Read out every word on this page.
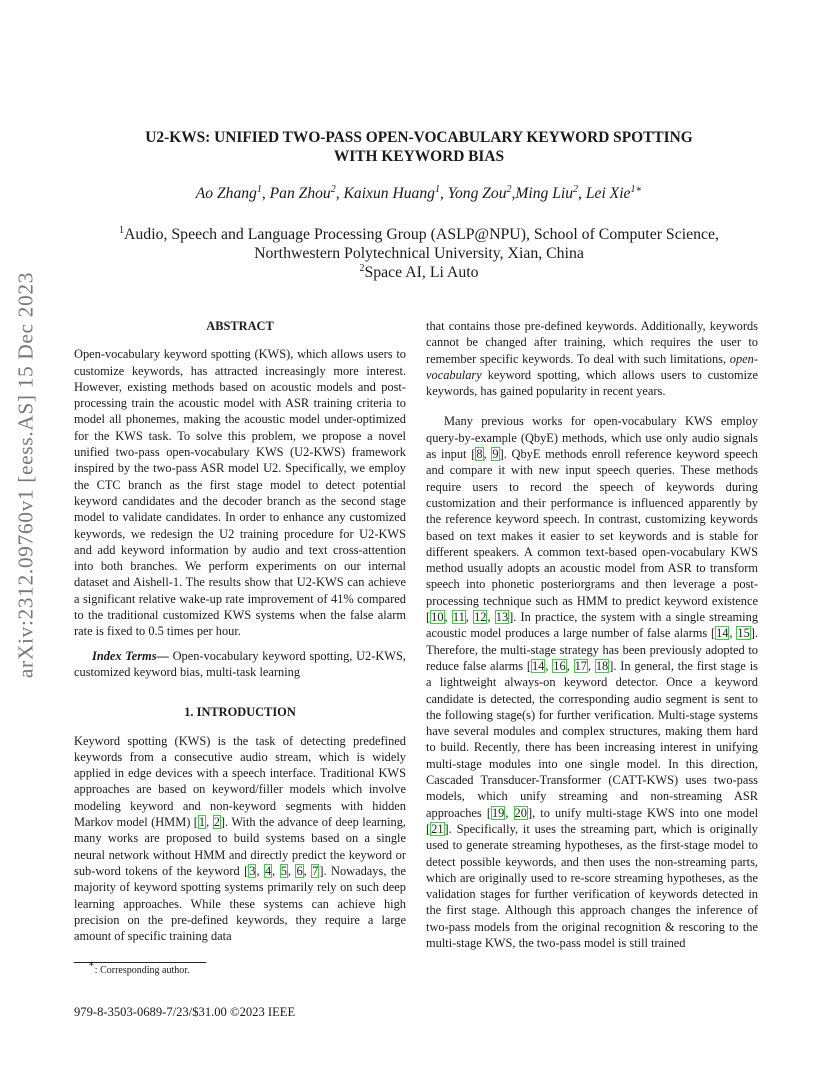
arXiv:2312.09760v1 [eess.AS] 15 Dec 2023
U2-KWS: UNIFIED TWO-PASS OPEN-VOCABULARY KEYWORD SPOTTING
WITH KEYWORD BIAS
Ao Zhang$^1$, Pan Zhou$^2$, Kaixun Huang$^1$, Yong Zou$^2$,Ming Liu$^2$, Lei Xie$^{1∗}$
$^1$Audio, Speech and Language Processing Group (ASLP@NPU), School of Computer Science,
Northwestern Polytechnical University, Xian, China
$^2$Space AI, Li Auto
ABSTRACT

Open-vocabulary keyword spotting (KWS), which allows users to customize keywords, has attracted increasingly more interest. However, existing methods based on acoustic models and post-processing train the acoustic model with ASR training criteria to model all phonemes, making the acoustic model under-optimized for the KWS task. To solve this problem, we propose a novel unified two-pass open-vocabulary KWS (U2-KWS) framework inspired by the two-pass ASR model U2. Specifically, we employ the CTC branch as the first stage model to detect potential keyword candidates and the decoder branch as the second stage model to validate candidates. In order to enhance any customized keywords, we redesign the U2 training procedure for U2-KWS and add keyword information by audio and text cross-attention into both branches. We perform experiments on our internal dataset and Aishell-1. The results show that U2-KWS can achieve a significant relative wake-up rate improvement of 41% compared to the traditional customized KWS systems when the false alarm rate is fixed to 0.5 times per hour.

Index Terms— Open-vocabulary keyword spotting, U2-KWS, customized keyword bias, multi-task learning

1. INTRODUCTION

Keyword spotting (KWS) is the task of detecting predefined keywords from a consecutive audio stream, which is widely applied in edge devices with a speech interface. Traditional KWS approaches are based on keyword/filler models which involve modeling keyword and non-keyword segments with hidden Markov model (HMM) [1, 2]. With the advance of deep learning, many works are proposed to build systems based on a single neural network without HMM and directly predict the keyword or sub-word tokens of the keyword [3, 4, 5, 6, 7]. Nowadays, the majority of keyword spotting systems primarily rely on such deep learning approaches. While these systems can achieve high precision on the pre-defined keywords, they require a large amount of specific training data

that contains those pre-defined keywords. Additionally, keywords cannot be changed after training, which requires the user to remember specific keywords. To deal with such limitations, open-vocabulary keyword spotting, which allows users to customize keywords, has gained popularity in recent years.

Many previous works for open-vocabulary KWS employ query-by-example (QbyE) methods, which use only audio signals as input [8, 9]. QbyE methods enroll reference keyword speech and compare it with new input speech queries. These methods require users to record the speech of keywords during customization and their performance is influenced apparently by the reference keyword speech. In contrast, customizing keywords based on text makes it easier to set keywords and is stable for different speakers. A common text-based open-vocabulary KWS method usually adopts an acoustic model from ASR to transform speech into phonetic posteriorgrams and then leverage a post-processing technique such as HMM to predict keyword existence [10, 11, 12, 13]. In practice, the system with a single streaming acoustic model produces a large number of false alarms [14, 15]. Therefore, the multi-stage strategy has been previously adopted to reduce false alarms [14, 16, 17, 18]. In general, the first stage is a lightweight always-on keyword detector. Once a keyword candidate is detected, the corresponding audio segment is sent to the following stage(s) for further verification. Multi-stage systems have several modules and complex structures, making them hard to build. Recently, there has been increasing interest in unifying multi-stage modules into one single model. In this direction, Cascaded Transducer-Transformer (CATT-KWS) uses two-pass models, which unify streaming and non-streaming ASR approaches [19, 20], to unify multi-stage KWS into one model [21]. Specifically, it uses the streaming part, which is originally used to generate streaming hypotheses, as the first-stage model to detect possible keywords, and then uses the non-streaming parts, which are originally used to re-score streaming hypotheses, as the validation stages for further verification of keywords detected in the first stage. Although this approach changes the inference of two-pass models from the original recognition & rescoring to the multi-stage KWS, the two-pass model is still trained

∗: Corresponding author.
979-8-3503-0689-7/23/$31.00 ©2023 IEEE
